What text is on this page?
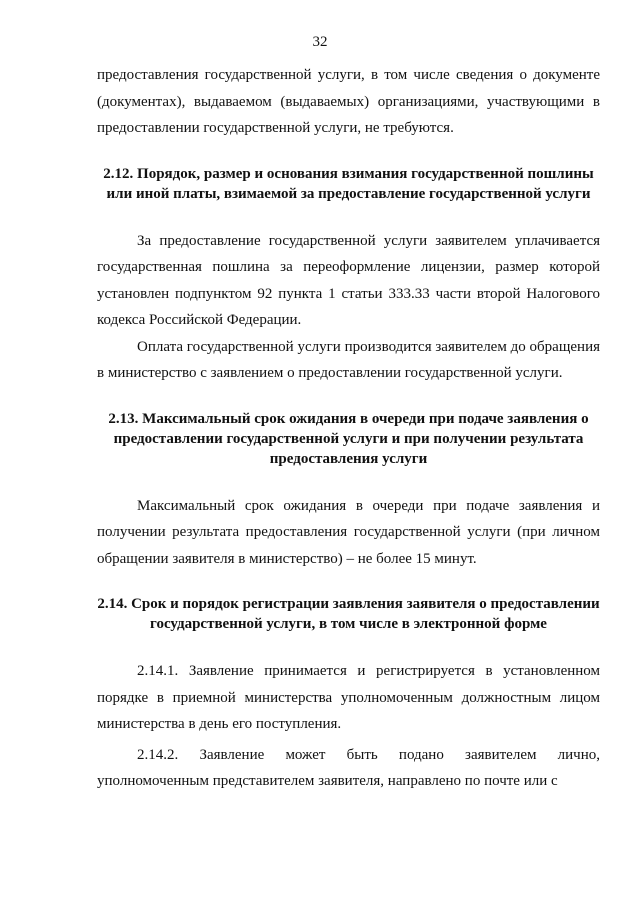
32

предоставления государственной услуги, в том числе сведения о документе (документах), выдаваемом (выдаваемых) организациями, участвующими в предоставлении государственной услуги, не требуются.

2.12. Порядок, размер и основания взимания государственной пошлины или иной платы, взимаемой за предоставление государственной услуги

За предоставление государственной услуги заявителем уплачивается государственная пошлина за переоформление лицензии, размер которой установлен подпунктом 92 пункта 1 статьи 333.33 части второй Налогового кодекса Российской Федерации.

Оплата государственной услуги производится заявителем до обращения в министерство с заявлением о предоставлении государственной услуги.

2.13. Максимальный срок ожидания в очереди при подаче заявления о предоставлении государственной услуги и при получении результата предоставления услуги

Максимальный срок ожидания в очереди при подаче заявления и получении результата предоставления государственной услуги (при личном обращении заявителя в министерство) – не более 15 минут.

2.14. Срок и порядок регистрации заявления заявителя о предоставлении государственной услуги, в том числе в электронной форме

2.14.1. Заявление принимается и регистрируется в установленном порядке в приемной министерства уполномоченным должностным лицом министерства в день его поступления.

2.14.2. Заявление может быть подано заявителем лично, уполномоченным представителем заявителя, направлено по почте или с
